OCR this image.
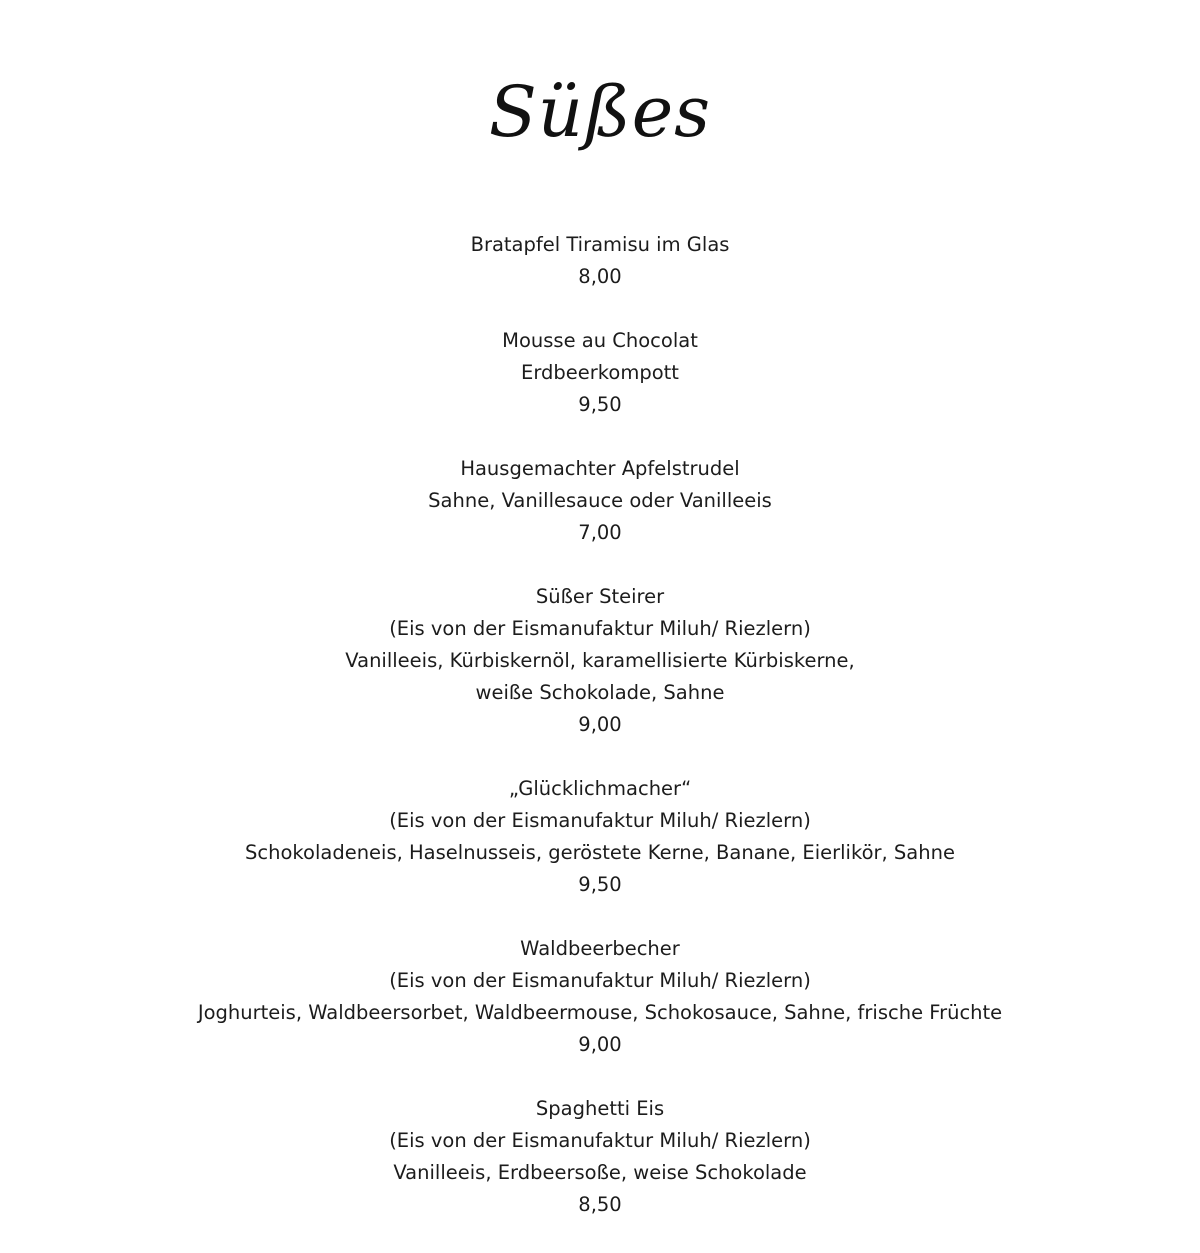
Süßes
Bratapfel Tiramisu im Glas
8,00
Mousse au Chocolat
Erdbeerkompott
9,50
Hausgemachter Apfelstrudel
Sahne, Vanillesauce oder Vanilleeis
7,00
Süßer Steirer
(Eis von der Eismanufaktur Miluh/ Riezlern)
Vanilleeis, Kürbiskernöl, karamellisierte Kürbiskerne,
weiße Schokolade, Sahne
9,00
„Glücklichmacher“
(Eis von der Eismanufaktur Miluh/ Riezlern)
Schokoladeneis, Haselnusseis, geröstete Kerne, Banane, Eierlikör, Sahne
9,50
Waldbeerbecher
(Eis von der Eismanufaktur Miluh/ Riezlern)
Joghurteis, Waldbeersorbet, Waldbeermouse, Schokosauce, Sahne, frische Früchte
9,00
Spaghetti Eis
(Eis von der Eismanufaktur Miluh/ Riezlern)
Vanilleeis, Erdbeersoße, weise Schokolade
8,50
